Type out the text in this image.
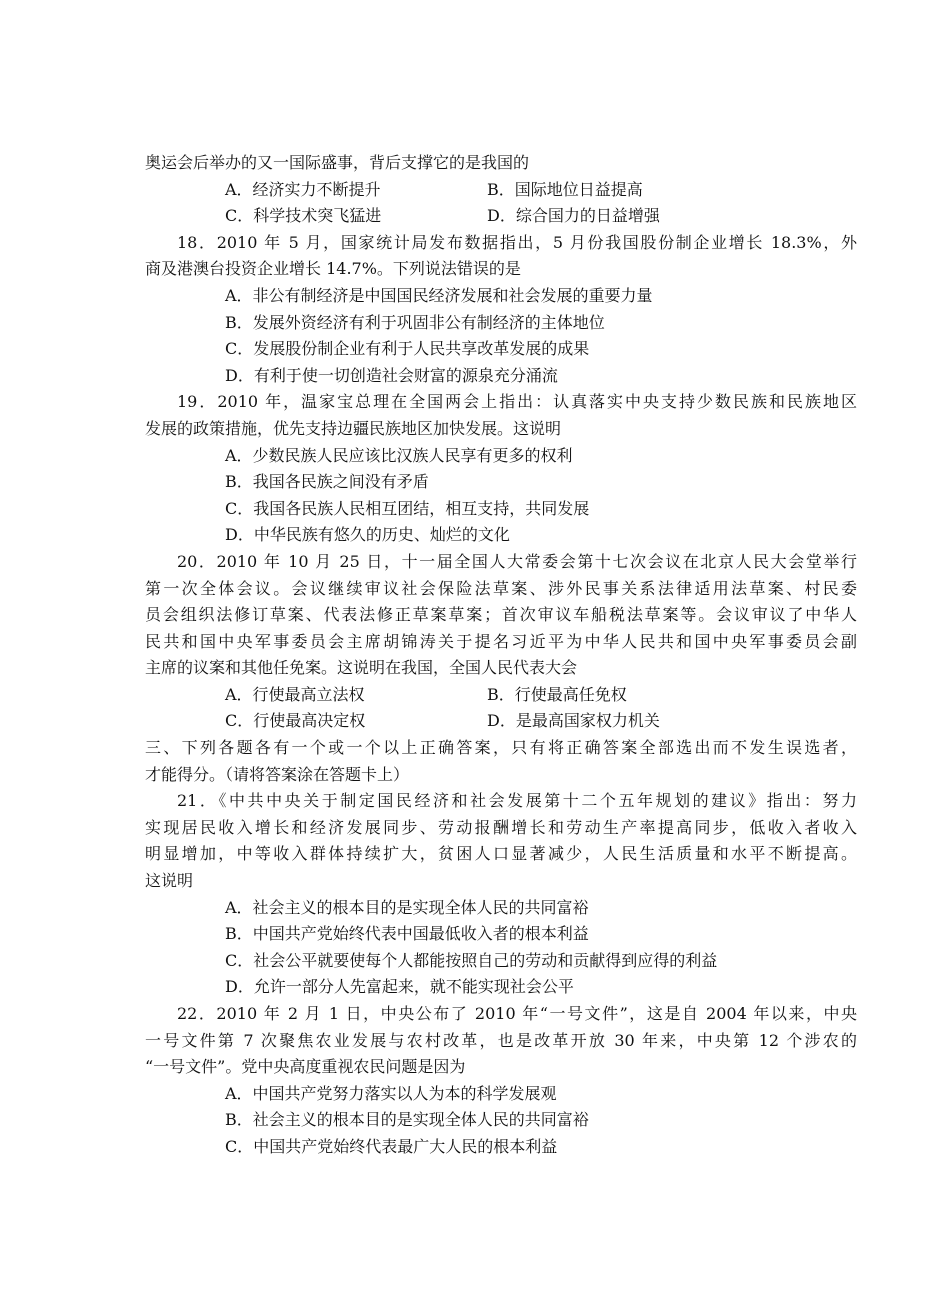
奥运会后举办的又一国际盛事，背后支撑它的是我国的
A．经济实力不断提升	B．国际地位日益提高
C．科学技术突飞猛进	D．综合国力的日益增强
18．2010 年 5 月，国家统计局发布数据指出，5 月份我国股份制企业增长 18.3%，外
商及港澳台投资企业增长 14.7%。下列说法错误的是
A．非公有制经济是中国国民经济发展和社会发展的重要力量
B．发展外资经济有利于巩固非公有制经济的主体地位
C．发展股份制企业有利于人民共享改革发展的成果
D．有利于使一切创造社会财富的源泉充分涌流
19．2010 年，温家宝总理在全国两会上指出：认真落实中央支持少数民族和民族地区
发展的政策措施，优先支持边疆民族地区加快发展。这说明
A．少数民族人民应该比汉族人民享有更多的权利
B．我国各民族之间没有矛盾
C．我国各民族人民相互团结，相互支持，共同发展
D．中华民族有悠久的历史、灿烂的文化
20．2010 年 10 月 25 日，十一届全国人大常委会第十七次会议在北京人民大会堂举行
第一次全体会议。会议继续审议社会保险法草案、涉外民事关系法律适用法草案、村民委
员会组织法修订草案、代表法修正草案草案；首次审议车船税法草案等。会议审议了中华人
民共和国中央军事委员会主席胡锦涛关于提名习近平为中华人民共和国中央军事委员会副
主席的议案和其他任免案。这说明在我国，全国人民代表大会
A．行使最高立法权	B．行使最高任免权
C．行使最高决定权	D．是最高国家权力机关
三、下列各题各有一个或一个以上正确答案，只有将正确答案全部选出而不发生误选者，
才能得分。（请将答案涂在答题卡上）
21．《中共中央关于制定国民经济和社会发展第十二个五年规划的建议》指出：努力
实现居民收入增长和经济发展同步、劳动报酬增长和劳动生产率提高同步，低收入者收入
明显增加，中等收入群体持续扩大，贫困人口显著减少，人民生活质量和水平不断提高。
这说明
A．社会主义的根本目的是实现全体人民的共同富裕
B．中国共产党始终代表中国最低收入者的根本利益
C．社会公平就要使每个人都能按照自己的劳动和贡献得到应得的利益
D．允许一部分人先富起来，就不能实现社会公平
22．2010 年 2 月 1 日，中央公布了 2010 年“一号文件”，这是自 2004 年以来，中央
一号文件第 7 次聚焦农业发展与农村改革，也是改革开放 30 年来，中央第 12 个涉农的
“一号文件”。党中央高度重视农民问题是因为
A．中国共产党努力落实以人为本的科学发展观
B．社会主义的根本目的是实现全体人民的共同富裕
C．中国共产党始终代表最广大人民的根本利益
